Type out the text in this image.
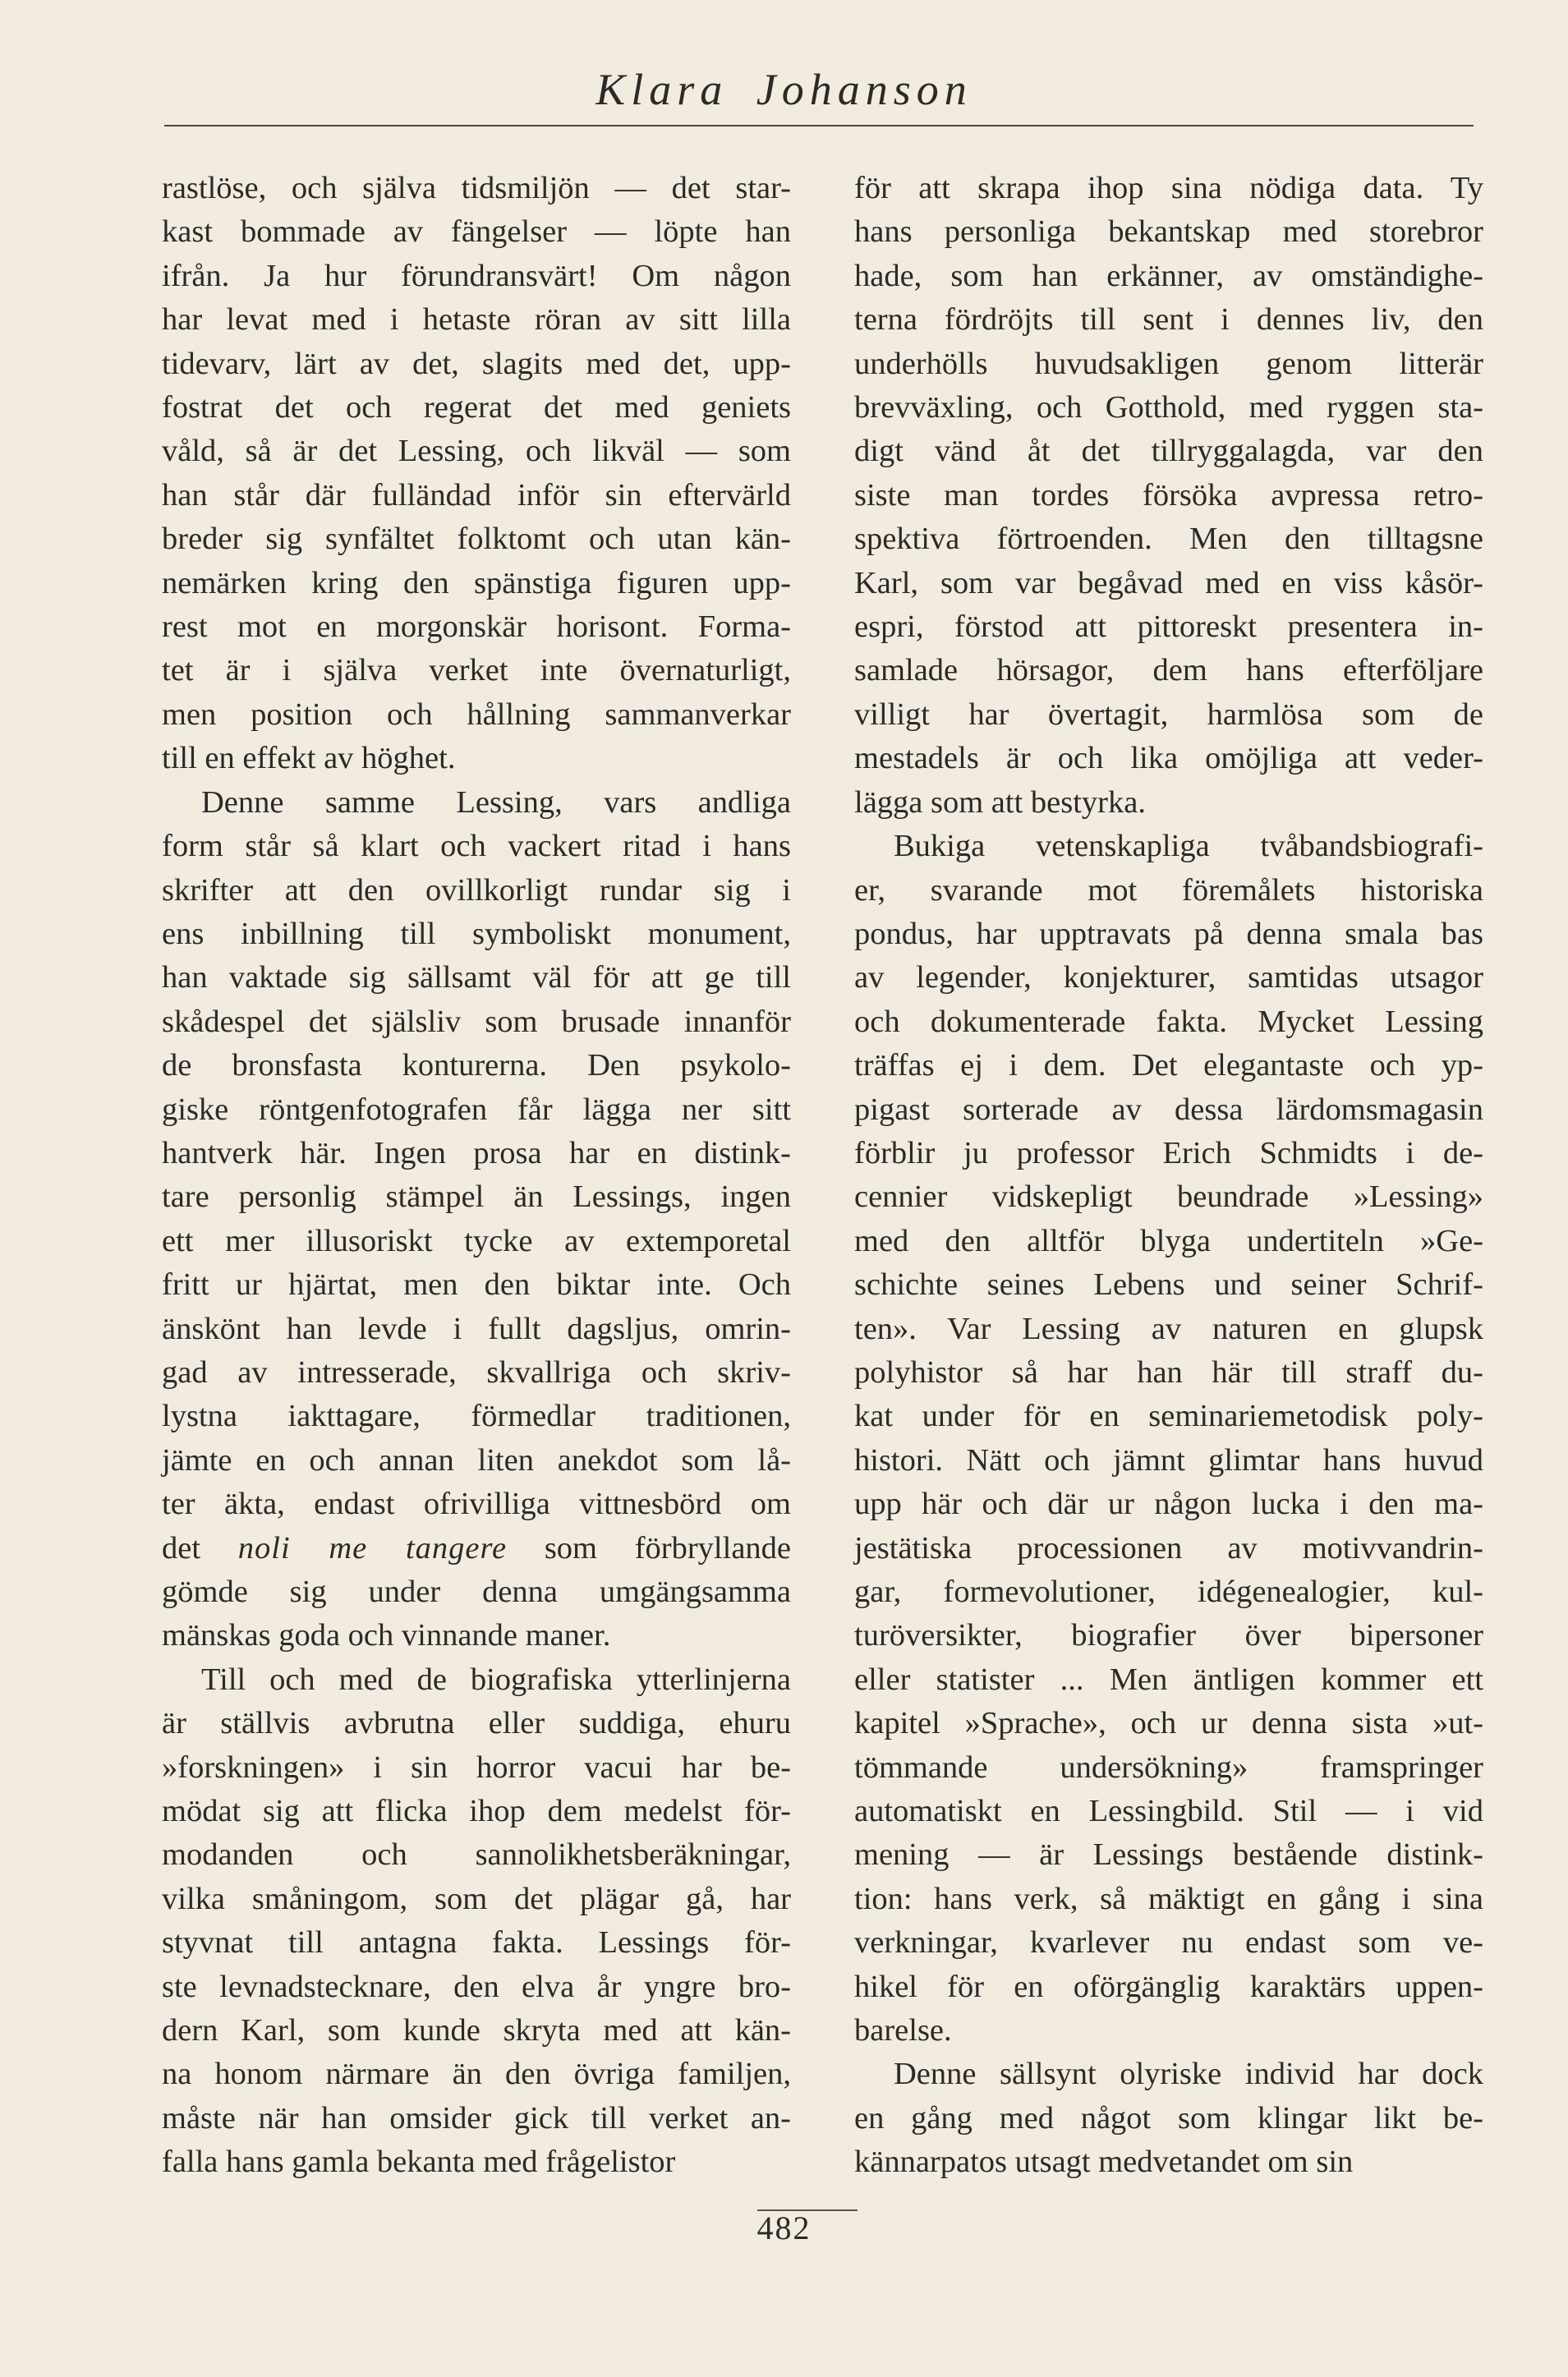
Klara Johanson

rastlöse, och själva tidsmiljön — det star-
kast bommade av fängelser — löpte han
ifrån. Ja hur förundransvärt! Om någon
har levat med i hetaste röran av sitt lilla
tidevarv, lärt av det, slagits med det, upp-
fostrat det och regerat det med geniets
våld, så är det Lessing, och likväl — som
han står där fulländad inför sin eftervärld
breder sig synfältet folktomt och utan kän-
nemärken kring den spänstiga figuren upp-
rest mot en morgonskär horisont. Forma-
tet är i själva verket inte övernaturligt,
men position och hållning sammanverkar
till en effekt av höghet.

Denne samme Lessing, vars andliga
form står så klart och vackert ritad i hans
skrifter att den ovillkorligt rundar sig i
ens inbillning till symboliskt monument,
han vaktade sig sällsamt väl för att ge till
skådespel det själsliv som brusade innanför
de bronsfasta konturerna. Den psykolo-
giske röntgenfotografen får lägga ner sitt
hantverk här. Ingen prosa har en distink-
tare personlig stämpel än Lessings, ingen
ett mer illusoriskt tycke av extemporetal
fritt ur hjärtat, men den biktar inte. Och
änskönt han levde i fullt dagsljus, omrin-
gad av intresserade, skvallriga och skriv-
lystna iakttagare, förmedlar traditionen,
jämte en och annan liten anekdot som lå-
ter äkta, endast ofrivilliga vittnesbörd om
det noli me tangere som förbryllande
gömde sig under denna umgängsamma
mänskas goda och vinnande maner.

Till och med de biografiska ytterlinjerna
är ställvis avbrutna eller suddiga, ehuru
»forskningen» i sin horror vacui har be-
mödat sig att flicka ihop dem medelst för-
modanden och sannolikhetsberäkningar,
vilka småningom, som det plägar gå, har
styvnat till antagna fakta. Lessings för-
ste levnadstecknare, den elva år yngre bro-
dern Karl, som kunde skryta med att kän-
na honom närmare än den övriga familjen,
måste när han omsider gick till verket an-
falla hans gamla bekanta med frågelistor

för att skrapa ihop sina nödiga data. Ty
hans personliga bekantskap med storebror
hade, som han erkänner, av omständighe-
terna fördröjts till sent i dennes liv, den
underhölls huvudsakligen genom litterär
brevväxling, och Gotthold, med ryggen sta-
digt vänd åt det tillryggalagda, var den
siste man tordes försöka avpressa retro-
spektiva förtroenden. Men den tilltagsne
Karl, som var begåvad med en viss kåsör-
espri, förstod att pittoreskt presentera in-
samlade hörsagor, dem hans efterföljare
villigt har övertagit, harmlösa som de
mestadels är och lika omöjliga att veder-
lägga som att bestyrka.

Bukiga vetenskapliga tvåbandsbiografi-
er, svarande mot föremålets historiska
pondus, har upptravats på denna smala bas
av legender, konjekturer, samtidas utsagor
och dokumenterade fakta. Mycket Lessing
träffas ej i dem. Det elegantaste och yp-
pigast sorterade av dessa lärdomsmagasin
förblir ju professor Erich Schmidts i de-
cennier vidskepligt beundrade »Lessing»
med den alltför blyga undertiteln »Ge-
schichte seines Lebens und seiner Schrif-
ten». Var Lessing av naturen en glupsk
polyhistor så har han här till straff du-
kat under för en seminariemetodisk poly-
histori. Nätt och jämnt glimtar hans huvud
upp här och där ur någon lucka i den ma-
jestätiska processionen av motivvandrin-
gar, formevolutioner, idégenealogier, kul-
turöversikter, biografier över bipersoner
eller statister ... Men äntligen kommer ett
kapitel »Sprache», och ur denna sista »ut-
tömmande undersökning» framspringer
automatiskt en Lessingbild. Stil — i vid
mening — är Lessings bestående distink-
tion: hans verk, så mäktigt en gång i sina
verkningar, kvarlever nu endast som ve-
hikel för en oförgänglig karaktärs uppen-
barelse.

Denne sällsynt olyriske individ har dock
en gång med något som klingar likt be-
kännarpatos utsagt medvetandet om sin

482
